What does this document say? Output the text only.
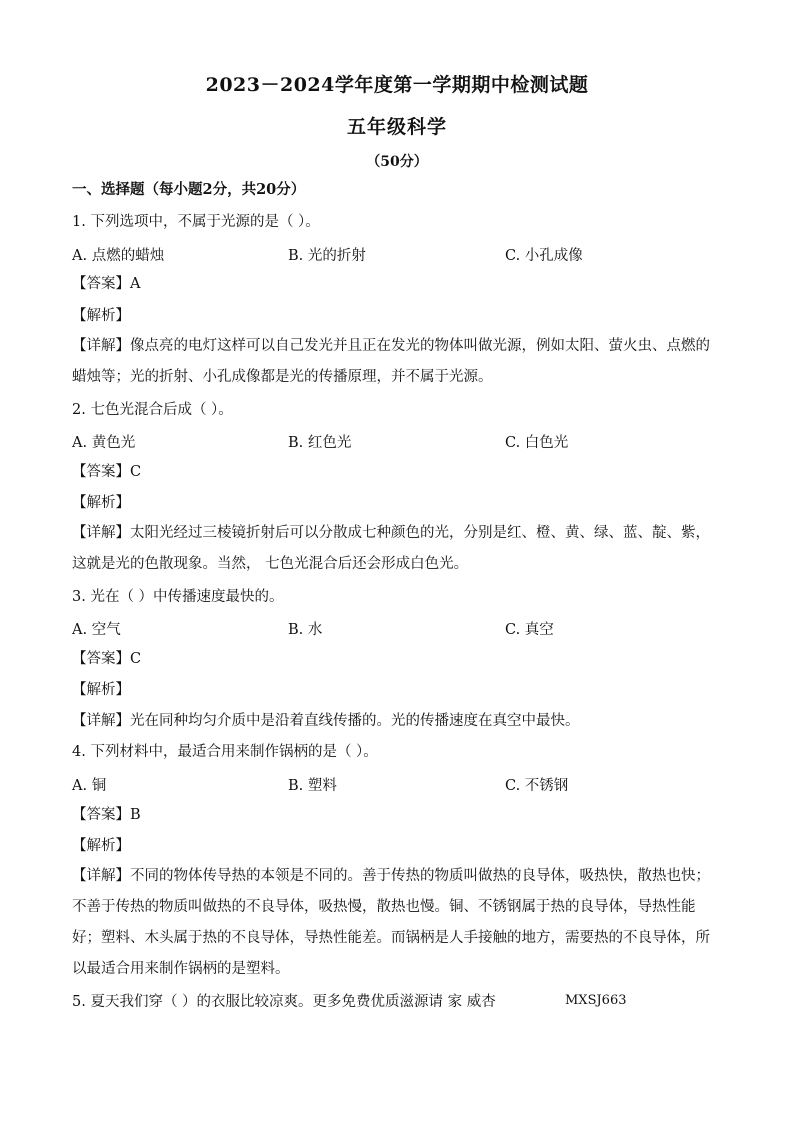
2023－2024学年度第一学期期中检测试题
五年级科学
（50分）
一、选择题（每小题2分，共20分）
1. 下列选项中，不属于光源的是（ ）。
A. 点燃的蜡烛	B. 光的折射	C. 小孔成像
【答案】A
【解析】
【详解】像点亮的电灯这样可以自己发光并且正在发光的物体叫做光源，例如太阳、萤火虫、点燃的蜡烛等；光的折射、小孔成像都是光的传播原理，并不属于光源。
2. 七色光混合后成（ ）。
A. 黄色光	B. 红色光	C. 白色光
【答案】C
【解析】
【详解】太阳光经过三棱镜折射后可以分散成七种颜色的光，分别是红、橙、黄、绿、蓝、靛、紫，这就是光的色散现象。当然， 七色光混合后还会形成白色光。
3. 光在（ ）中传播速度最快的。
A. 空气	B. 水	C. 真空
【答案】C
【解析】
【详解】光在同种均匀介质中是沿着直线传播的。光的传播速度在真空中最快。
4. 下列材料中，最适合用来制作锅柄的是（ ）。
A. 铜	B. 塑料	C. 不锈钢
【答案】B
【解析】
【详解】不同的物体传导热的本领是不同的。善于传热的物质叫做热的良导体，吸热快，散热也快；不善于传热的物质叫做热的不良导体，吸热慢，散热也慢。铜、不锈钢属于热的良导体，导热性能好；塑料、木头属于热的不良导体，导热性能差。而锅柄是人手接触的地方，需要热的不良导体，所以最适合用来制作锅柄的是塑料。
5. 夏天我们穿（ ）的衣服比较凉爽。更多免费优质滋源请 家 威杏	MXSJ663
